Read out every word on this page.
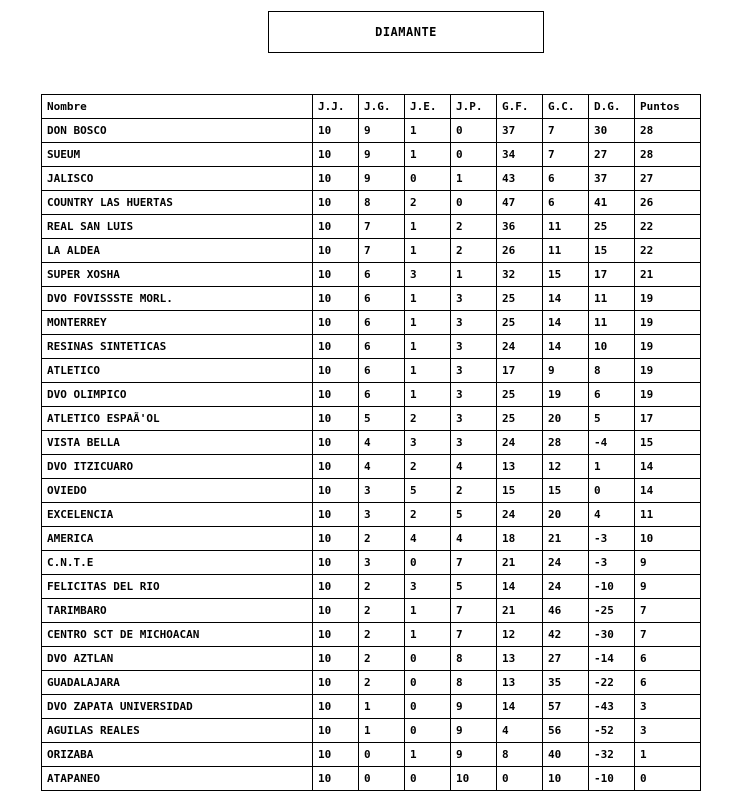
DIAMANTE
Nombre	J.J.	J.G.	J.E.	J.P.	G.F.	G.C.	D.G.	Puntos
DON BOSCO	10	9	1	0	37	7	30	28
SUEUM	10	9	1	0	34	7	27	28
JALISCO	10	9	0	1	43	6	37	27
COUNTRY LAS HUERTAS	10	8	2	0	47	6	41	26
REAL SAN LUIS	10	7	1	2	36	11	25	22
LA ALDEA	10	7	1	2	26	11	15	22
SUPER XOSHA	10	6	3	1	32	15	17	21
DVO FOVISSSTE MORL.	10	6	1	3	25	14	11	19
MONTERREY	10	6	1	3	25	14	11	19
RESINAS SINTETICAS	10	6	1	3	24	14	10	19
ATLETICO	10	6	1	3	17	9	8	19
DVO OLIMPICO	10	6	1	3	25	19	6	19
ATLETICO ESPAÃ'OL	10	5	2	3	25	20	5	17
VISTA BELLA	10	4	3	3	24	28	-4	15
DVO ITZICUARO	10	4	2	4	13	12	1	14
OVIEDO	10	3	5	2	15	15	0	14
EXCELENCIA	10	3	2	5	24	20	4	11
AMERICA	10	2	4	4	18	21	-3	10
C.N.T.E	10	3	0	7	21	24	-3	9
FELICITAS DEL RIO	10	2	3	5	14	24	-10	9
TARIMBARO	10	2	1	7	21	46	-25	7
CENTRO SCT DE MICHOACAN	10	2	1	7	12	42	-30	7
DVO AZTLAN	10	2	0	8	13	27	-14	6
GUADALAJARA	10	2	0	8	13	35	-22	6
DVO ZAPATA UNIVERSIDAD	10	1	0	9	14	57	-43	3
AGUILAS REALES	10	1	0	9	4	56	-52	3
ORIZABA	10	0	1	9	8	40	-32	1
ATAPANEO	10	0	0	10	0	10	-10	0
